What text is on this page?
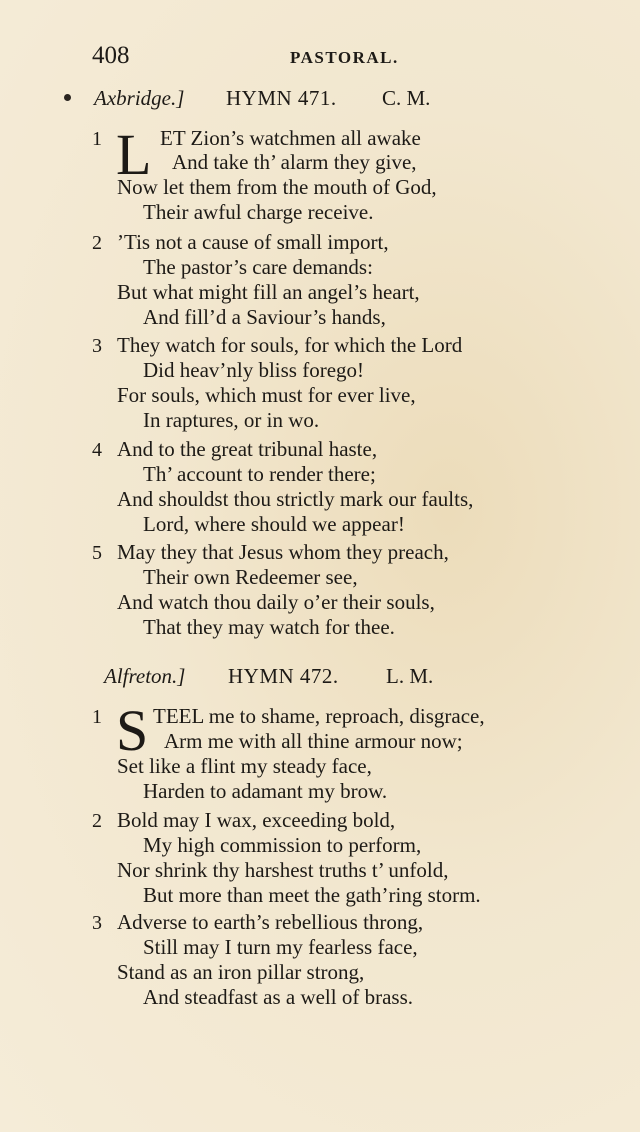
408	PASTORAL.
Axbridge.] HYMN 471. C. M.
1 L ET Zion’s watchmen all awake
And take th’ alarm they give,
Now let them from the mouth of God,
Their awful charge receive.
2 ’Tis not a cause of small import,
The pastor’s care demands:
But what might fill an angel’s heart,
And fill’d a Saviour’s hands,
3 They watch for souls, for which the Lord
Did heav’nly bliss forego!
For souls, which must for ever live,
In raptures, or in wo.
4 And to the great tribunal haste,
Th’ account to render there;
And shouldst thou strictly mark our faults,
Lord, where should we appear!
5 May they that Jesus whom they preach,
Their own Redeemer see,
And watch thou daily o’er their souls,
That they may watch for thee.
Alfreton.] HYMN 472. L. M.
1 S TEEL me to shame, reproach, disgrace,
Arm me with all thine armour now;
Set like a flint my steady face,
Harden to adamant my brow.
2 Bold may I wax, exceeding bold,
My high commission to perform,
Nor shrink thy harshest truths t’ unfold,
But more than meet the gath’ring storm.
3 Adverse to earth’s rebellious throng,
Still may I turn my fearless face,
Stand as an iron pillar strong,
And steadfast as a well of brass.
